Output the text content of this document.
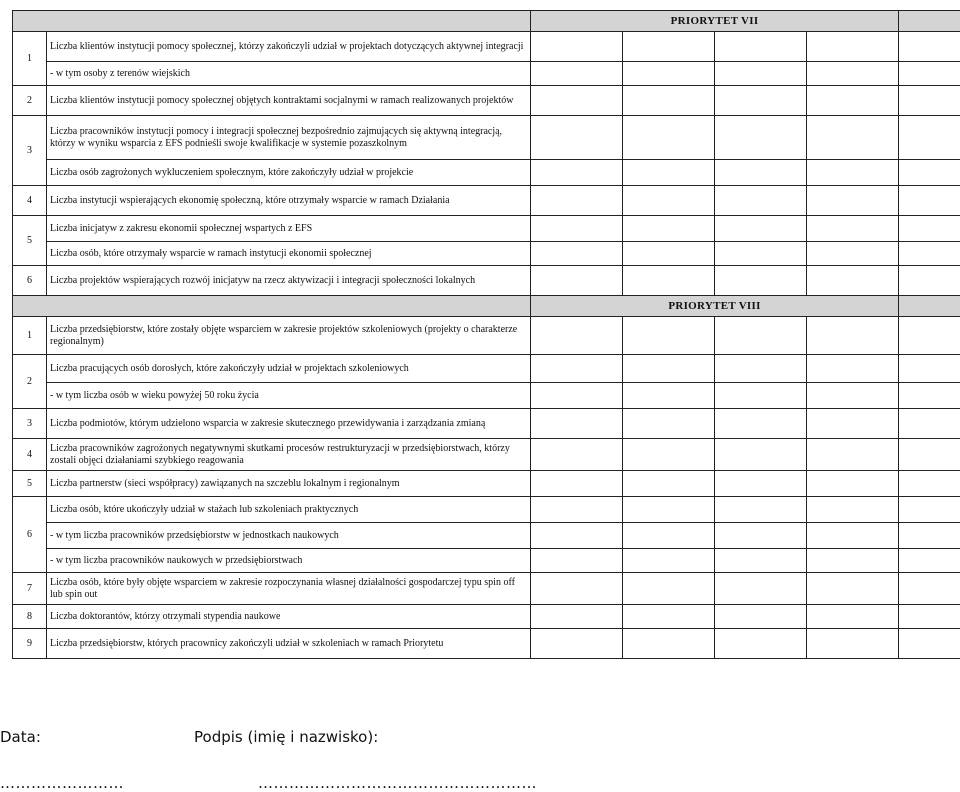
		PRIORYTET VII				
1	Liczba klientów instytucji pomocy społecznej, którzy zakończyli udział w projektach dotyczących aktywnej integracji					
	- w tym osoby z terenów wiejskich					
2	Liczba klientów instytucji pomocy społecznej objętych kontraktami socjalnymi w ramach realizowanych projektów					
3	Liczba pracowników instytucji pomocy i integracji społecznej bezpośrednio zajmujących się aktywną integracją, którzy w wyniku wsparcia z EFS podnieśli swoje kwalifikacje w systemie pozaszkolnym					
	Liczba osób zagrożonych wykluczeniem społecznym, które zakończyły udział w projekcie					
4	Liczba instytucji wspierających ekonomię społeczną, które otrzymały wsparcie w ramach Działania					
5	Liczba inicjatyw z zakresu ekonomii społecznej wspartych z EFS					
	Liczba osób, które otrzymały wsparcie w ramach instytucji ekonomii społecznej					
6	Liczba projektów wspierających rozwój inicjatyw na rzecz aktywizacji i integracji społeczności lokalnych					
		PRIORYTET VIII				
1	Liczba przedsiębiorstw, które zostały objęte wsparciem w zakresie projektów szkoleniowych (projekty o charakterze regionalnym)					
2	Liczba pracujących osób dorosłych, które zakończyły udział w projektach szkoleniowych					
	- w tym liczba osób w wieku powyżej 50 roku życia					
3	Liczba podmiotów, którym udzielono wsparcia w zakresie skutecznego przewidywania i zarządzania zmianą					
4	Liczba pracowników zagrożonych negatywnymi skutkami procesów restrukturyzacji w przedsiębiorstwach, którzy zostali objęci działaniami szybkiego reagowania					
5	Liczba partnerstw (sieci współpracy) zawiązanych na szczeblu lokalnym i regionalnym					
6	Liczba osób, które ukończyły udział w stażach lub szkoleniach praktycznych					
	- w tym liczba pracowników przedsiębiorstw w jednostkach naukowych					
	- w tym liczba pracowników naukowych w przedsiębiorstwach					
7	Liczba osób, które były objęte wsparciem w zakresie rozpoczynania własnej działalności gospodarczej typu spin off lub spin out					
8	Liczba doktorantów, którzy otrzymali stypendia naukowe					
9	Liczba przedsiębiorstw, których pracownicy zakończyli udział w szkoleniach w ramach Priorytetu					
Data:	Podpis (imię i nazwisko):
……………………	………………………………………………
